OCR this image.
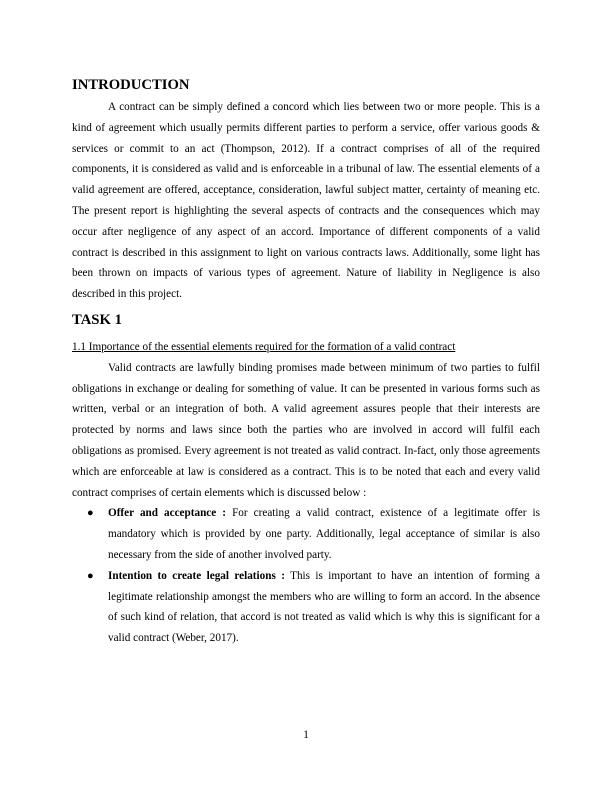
INTRODUCTION

A contract can be simply defined a concord which lies between two or more people. This is a kind of agreement which usually permits different parties to perform a service, offer various goods & services or commit to an act (Thompson, 2012). If a contract comprises of all of the required components, it is considered as valid and is enforceable in a tribunal of law. The essential elements of a valid agreement are offered, acceptance, consideration, lawful subject matter, certainty of meaning etc. The present report is highlighting the several aspects of contracts and the consequences which may occur after negligence of any aspect of an accord. Importance of different components of a valid contract is described in this assignment to light on various contracts laws. Additionally, some light has been thrown on impacts of various types of agreement. Nature of liability in Negligence is also described in this project.

TASK 1
1.1 Importance of the essential elements required for the formation of a valid contract

Valid contracts are lawfully binding promises made between minimum of two parties to fulfil obligations in exchange or dealing for something of value. It can be presented in various forms such as written, verbal or an integration of both. A valid agreement assures people that their interests are protected by norms and laws since both the parties who are involved in accord will fulfil each obligations as promised. Every agreement is not treated as valid contract. In-fact, only those agreements which are enforceable at law is considered as a contract. This is to be noted that each and every valid contract comprises of certain elements which is discussed below :

● Offer and acceptance : For creating a valid contract, existence of a legitimate offer is mandatory which is provided by one party. Additionally, legal acceptance of similar is also necessary from the side of another involved party.
● Intention to create legal relations : This is important to have an intention of forming a legitimate relationship amongst the members who are willing to form an accord. In the absence of such kind of relation, that accord is not treated as valid which is why this is significant for a valid contract (Weber, 2017).
1
